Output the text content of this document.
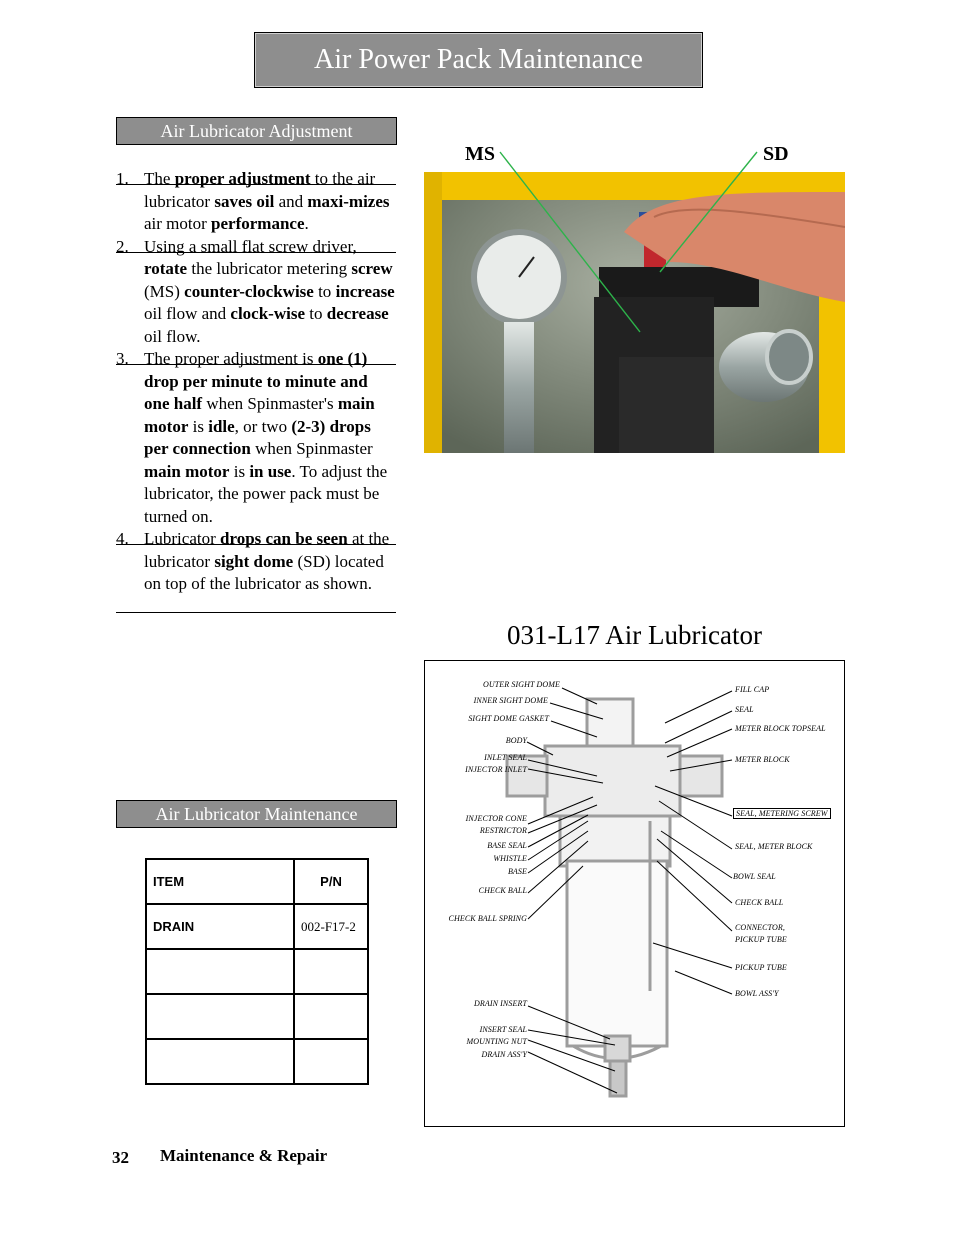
Air Power Pack Maintenance
Air Lubricator Adjustment
1. The proper adjustment to the air lubricator saves oil and maxi-mizes air motor performance.
2. Using a small flat screw driver, rotate the lubricator metering screw (MS) counter-clockwise to increase oil flow and clock-wise to decrease oil flow.
3. The proper adjustment is one (1) drop per minute to minute and one half when Spinmaster's main motor is idle, or two (2-3) drops per connection when Spinmaster main motor is in use. To adjust the lubricator, the power pack must be turned on.
4. Lubricator drops can be seen at the lubricator sight dome (SD) located on top of the lubricator as shown.
MS	SD
031-L17 Air Lubricator
OUTER SIGHT DOME
INNER SIGHT DOME
SIGHT DOME GASKET
BODY
INLET SEAL
INJECTOR INLET
INJECTOR CONE
RESTRICTOR
BASE SEAL
WHISTLE
BASE
CHECK BALL
CHECK BALL SPRING
DRAIN INSERT
INSERT SEAL
MOUNTING NUT
DRAIN ASS'Y
FILL CAP
SEAL
METER BLOCK TOPSEAL
METER BLOCK
SEAL, METERING SCREW
SEAL, METER BLOCK
BOWL SEAL
CHECK BALL
CONNECTOR,
PICKUP TUBE
PICKUP TUBE
BOWL ASS'Y
Air Lubricator Maintenance
ITEM	P/N
DRAIN	002-F17-2

32 Maintenance & Repair
